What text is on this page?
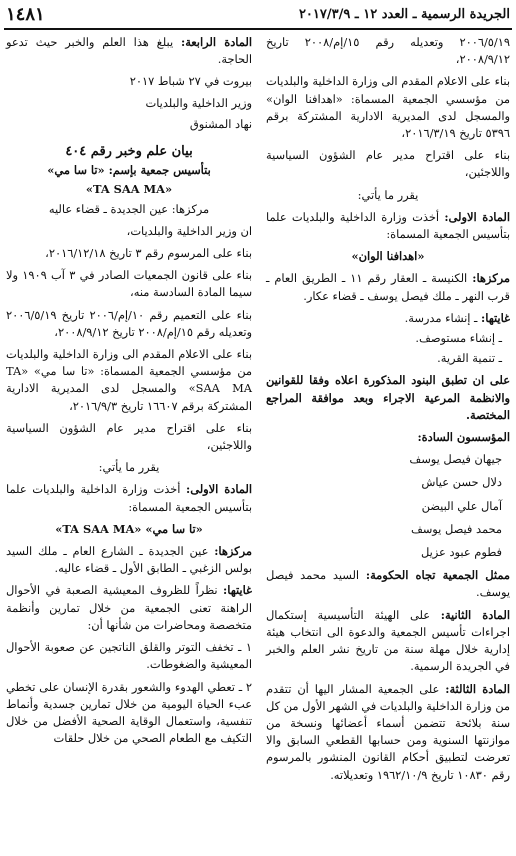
الجريدة الرسمية ـ العدد ١٢ ـ ٢٠١٧/٣/٩
١٤٨١

٢٠٠٦/٥/١٩ وتعديله رقم ١٥/إم/٢٠٠٨ تاريخ ٢٠٠٨/٩/١٢،

بناء على الاعلام المقدم الى وزارة الداخلية والبلديات من مؤسسي الجمعية المسماة: «اهدافنا الوان» والمسجل لدى المديرية الادارية المشتركة برقم ٥٣٩٦ تاريخ ٢٠١٦/٣/١٩،

بناء على اقتراح مدير عام الشؤون السياسية واللاجئين،

يقرر ما يأتي:

المادة الاولى: أخذت وزارة الداخلية والبلديات علما بتأسيس الجمعية المسماة:

«اهدافنا الوان»

مركزها: الكنيسة ـ العقار رقم ١١ ـ الطريق العام ـ قرب النهر ـ ملك فيصل يوسف ـ قضاء عكار.

غايتها: ـ إنشاء مدرسة.

ـ إنشاء مستوصف.

ـ تنمية القرية.

على ان تطبق البنود المذكورة اعلاه وفقا للقوانين والانظمة المرعية الاجراء وبعد موافقة المراجع المختصة.

المؤسسون السادة:

جيهان فيصل يوسف

دلال حسن عياش

آمال علي البيضن

محمد فيصل يوسف

فطوم عبود عزيل

ممثل الجمعية تجاه الحكومة: السيد محمد فيصل يوسف.

المادة الثانية: على الهيئة التأسيسية إستكمال اجراءات تأسيس الجمعية والدعوة الى انتخاب هيئة إدارية خلال مهلة سنة من تاريخ نشر العلم والخبر في الجريدة الرسمية.

المادة الثالثة: على الجمعية المشار اليها أن تتقدم من وزارة الداخلية والبلديات في الشهر الأول من كل سنة بلائحة تتضمن أسماء أعضائها ونسخة من موازنتها السنوية ومن حسابها القطعي السابق والا تعرضت لتطبيق أحكام القانون المنشور بالمرسوم رقم ١٠٨٣٠ تاريخ ١٩٦٢/١٠/٩ وتعديلاته.

المادة الرابعة: يبلغ هذا العلم والخبر حيث تدعو الحاجة.

بيروت في ٢٧ شباط ٢٠١٧

وزير الداخلية والبلديات

نهاد المشنوق

بيان علم وخبر رقم ٤٠٤

بتأسيس جمعية بإسم: «تا سا مي»

«TA SAA MA»

مركزها: عين الجديدة ـ قضاء عاليه

ان وزير الداخلية والبلديات،

بناء على المرسوم رقم ٣ تاريخ ٢٠١٦/١٢/١٨،

بناء على قانون الجمعيات الصادر في ٣ آب ١٩٠٩ ولا سيما المادة السادسة منه،

بناء على التعميم رقم ١٠/إم/٢٠٠٦ تاريخ ٢٠٠٦/٥/١٩ وتعديله رقم ١٥/إم/٢٠٠٨ تاريخ ٢٠٠٨/٩/١٢،

بناء على الاعلام المقدم الى وزارة الداخلية والبلديات من مؤسسي الجمعية المسماة: «تا سا مي» «TA SAA MA» والمسجل لدى المديرية الادارية المشتركة برقم ١٦٦٠٧ تاريخ ٢٠١٦/٩/٣،

بناء على اقتراح مدير عام الشؤون السياسية واللاجئين،

يقرر ما يأتي:

المادة الاولى: أخذت وزارة الداخلية والبلديات علما بتأسيس الجمعية المسماة:

«تا سا مي» «TA SAA MA»

مركزها: عين الجديدة ـ الشارع العام ـ ملك السيد بولس الزغبي ـ الطابق الأول ـ قضاء عاليه.

غايتها: نظراً للظروف المعيشية الصعبة في الأحوال الراهنة تعنى الجمعية من خلال تمارين وأنظمة متخصصة ومحاضرات من شأنها أن:

١ ـ تخفف التوتر والقلق الناتجين عن صعوبة الأحوال المعيشية والضغوطات.

٢ ـ تعطي الهدوء والشعور بقدرة الإنسان على تخطي عبء الحياة اليومية من خلال تمارين جسدية وأنماط تنفسية، واستعمال الوقاية الصحية الأفضل من خلال التكيف مع الطعام الصحي من خلال حلقات
